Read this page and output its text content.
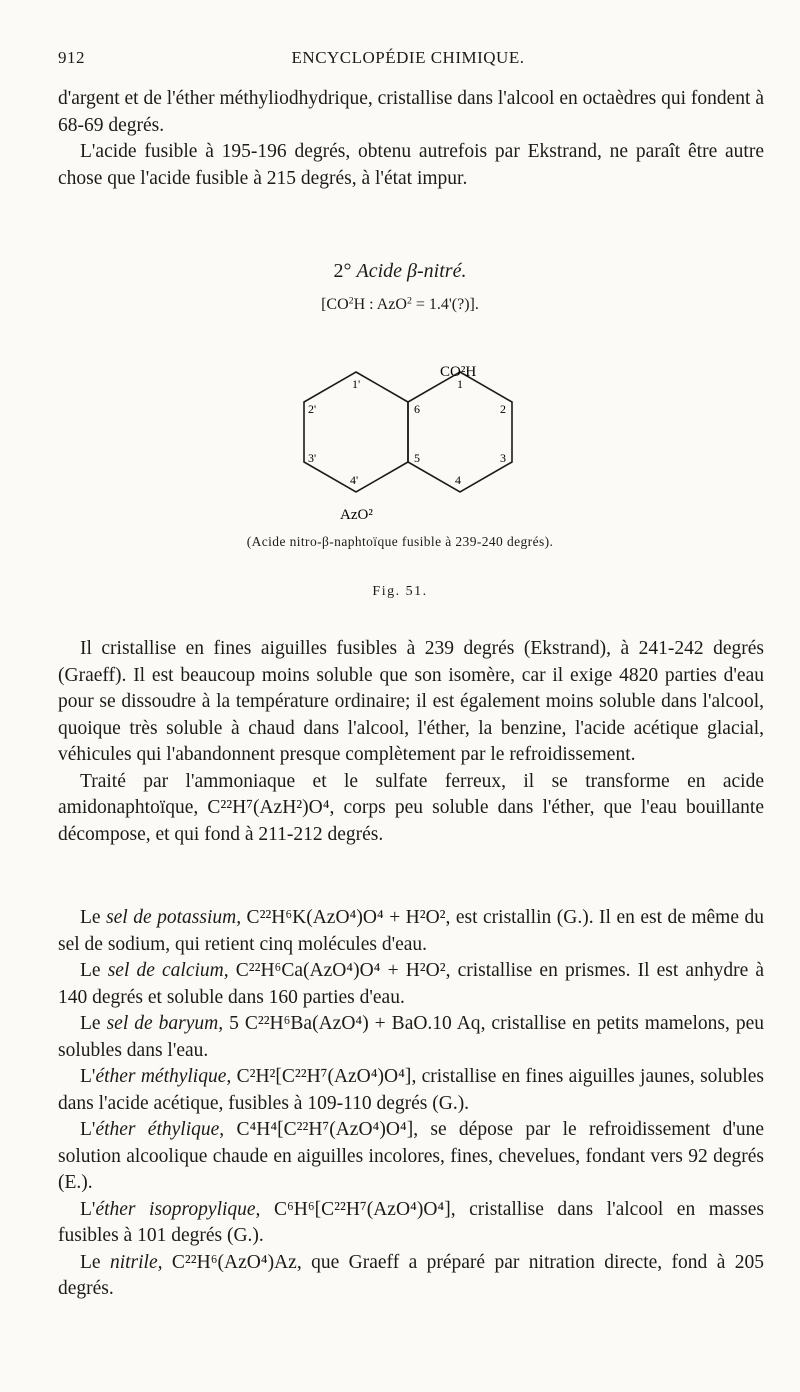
912	ENCYCLOPÉDIE CHIMIQUE.

d'argent et de l'éther méthyliodhydrique, cristallise dans l'alcool en octaèdres qui fondent à 68-69 degrés.

L'acide fusible à 195-196 degrés, obtenu autrefois par Ekstrand, ne paraît être autre chose que l'acide fusible à 215 degrés, à l'état impur.

2° Acide β-nitré.
[$CO^2H$ : AzO$^2$ = 1.4'(?)].
CO²H
AzO²
1'
2'
3'
4'
1
2
3
4
5
6
(Acide nitro-β-naphtoïque fusible à 239-240 degrés).
Fig. 51.

Il cristallise en fines aiguilles fusibles à 239 degrés (Ekstrand), à 241-242 degrés (Graeff). Il est beaucoup moins soluble que son isomère, car il exige 4820 parties d'eau pour se dissoudre à la température ordinaire; il est également moins soluble dans l'alcool, quoique très soluble à chaud dans l'alcool, l'éther, la benzine, l'acide acétique glacial, véhicules qui l'abandonnent presque complètement par le refroidissement.

Traité par l'ammoniaque et le sulfate ferreux, il se transforme en acide amidonaphtoïque, C²²H⁷(AzH²)O⁴, corps peu soluble dans l'éther, que l'eau bouillante décompose, et qui fond à 211-212 degrés.

Le sel de potassium, C²²H⁶K(AzO⁴)O⁴ + H²O², est cristallin (G.). Il en est de même du sel de sodium, qui retient cinq molécules d'eau.

Le sel de calcium, C²²H⁶Ca(AzO⁴)O⁴ + H²O², cristallise en prismes. Il est anhydre à 140 degrés et soluble dans 160 parties d'eau.

Le sel de baryum, 5 C²²H⁶Ba(AzO⁴) + BaO.10 Aq, cristallise en petits mamelons, peu solubles dans l'eau.

L'éther méthylique, C²H²[C²²H⁷(AzO⁴)O⁴], cristallise en fines aiguilles jaunes, solubles dans l'acide acétique, fusibles à 109-110 degrés (G.).

L'éther éthylique, C⁴H⁴[C²²H⁷(AzO⁴)O⁴], se dépose par le refroidissement d'une solution alcoolique chaude en aiguilles incolores, fines, chevelues, fondant vers 92 degrés (E.).

L'éther isopropylique, C⁶H⁶[C²²H⁷(AzO⁴)O⁴], cristallise dans l'alcool en masses fusibles à 101 degrés (G.).

Le nitrile, C²²H⁶(AzO⁴)Az, que Graeff a préparé par nitration directe, fond à 205 degrés.
